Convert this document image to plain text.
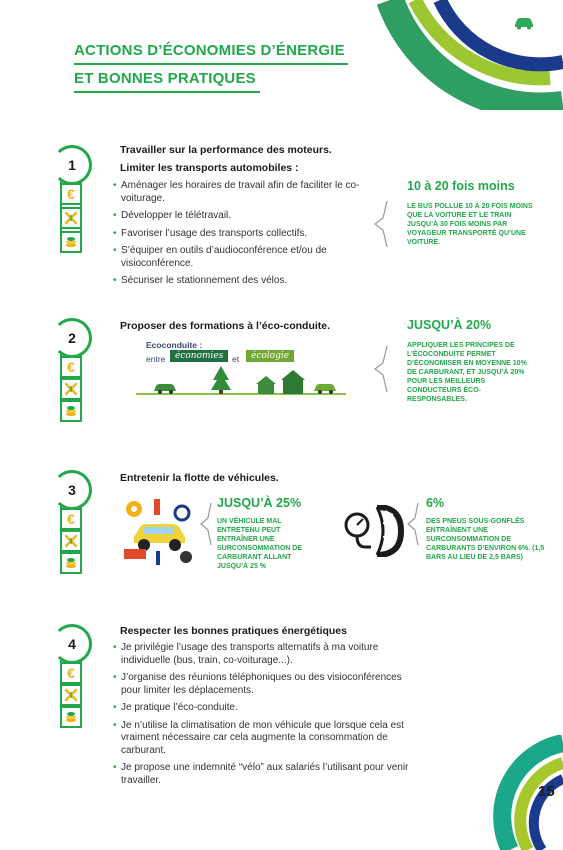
ACTIONS D’ÉCONOMIES D’ÉNERGIE
ET BONNES PRATIQUES
1
€
Travailler sur la performance des moteurs.
Limiter les transports automobiles :
• Aménager les horaires de travail afin de faciliter le co-voiturage.
• Développer le télétravail.
• Favoriser l’usage des transports collectifs.
• S’équiper en outils d’audioconférence et/ou de visioconférence.
• Sécuriser le stationnement des vélos.
10 à 20 fois moins
LE BUS POLLUE 10 À 20 FOIS MOINS QUE LA VOITURE ET LE TRAIN JUSQU’À 30 FOIS MOINS PAR VOYAGEUR TRANSPORTÉ QU’UNE VOITURE.
2
€
Proposer des formations à l’éco-conduite.
Ecoconduite :
entre	économies	et	écologie
JUSQU’À 20%
APPLIQUER LES PRINCIPES DE L’ÉCOCONDUITE PERMET D’ÉCONOMISER EN MOYENNE 10% DE CARBURANT, ET JUSQU’À 20% POUR LES MEILLEURS CONDUCTEURS ÉCO-RESPONSABLES.
3
€
Entretenir la flotte de véhicules.
JUSQU’À 25%
UN VÉHICULE MAL ENTRETENU PEUT ENTRAÎNER UNE SURCONSOMMATION DE CARBURANT ALLANT JUSQU’À 25 %
6%
DES PNEUS SOUS-GONFLÉS ENTRAÎNENT UNE SURCONSOMMATION DE CARBURANTS D’ENVIRON 6%. (1,5 BARS AU LIEU DE 2,5 BARS)
4
€
Respecter les bonnes pratiques énergétiques
• Je privilégie l’usage des transports alternatifs à ma voiture individuelle (bus, train, co-voiturage...).
• J’organise des réunions téléphoniques ou des visioconférences pour limiter les déplacements.
• Je pratique l’éco-conduite.
• Je n’utilise la climatisation de mon véhicule que lorsque cela est vraiment nécessaire car cela augmente la consommation de carburant.
• Je propose une indemnité “vélo” aux salariés l’utilisant pour venir travailler.
15
